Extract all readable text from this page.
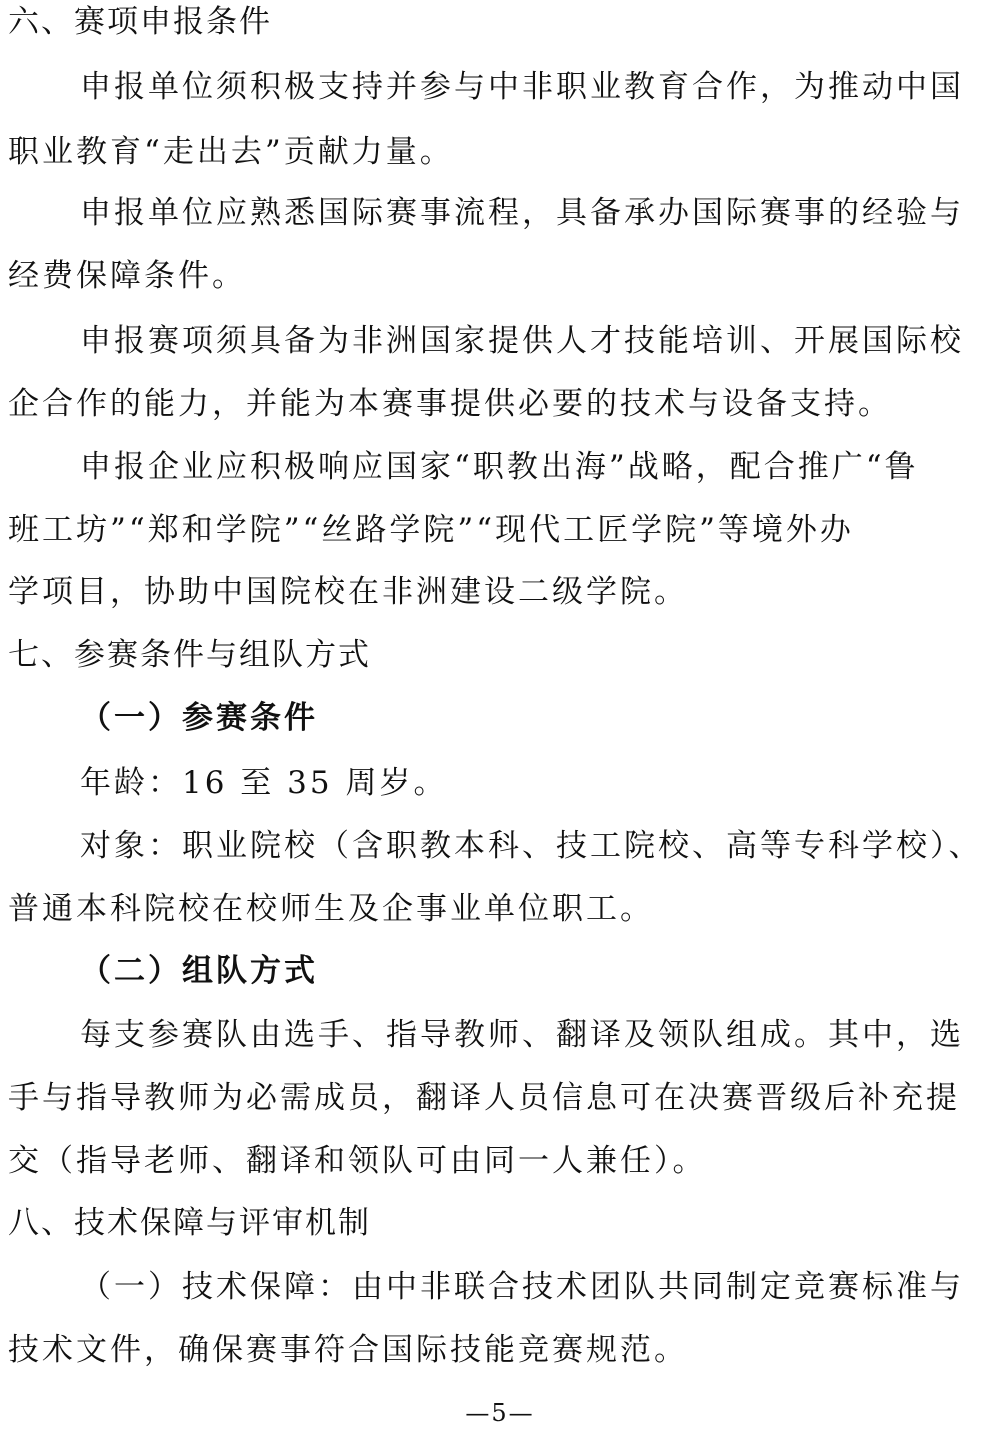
六、赛项申报条件
申报单位须积极支持并参与中非职业教育合作，为推动中国
职业教育“走出去”贡献力量。
申报单位应熟悉国际赛事流程，具备承办国际赛事的经验与
经费保障条件。
申报赛项须具备为非洲国家提供人才技能培训、开展国际校
企合作的能力，并能为本赛事提供必要的技术与设备支持。
申报企业应积极响应国家“职教出海”战略，配合推广“鲁
班工坊”“郑和学院”“丝路学院”“现代工匠学院”等境外办
学项目，协助中国院校在非洲建设二级学院。
七、参赛条件与组队方式
（一）参赛条件
年龄：16 至 35 周岁。
对象：职业院校（含职教本科、技工院校、高等专科学校）、
普通本科院校在校师生及企事业单位职工。
（二）组队方式
每支参赛队由选手、指导教师、翻译及领队组成。其中，选
手与指导教师为必需成员，翻译人员信息可在决赛晋级后补充提
交（指导老师、翻译和领队可由同一人兼任）。
八、技术保障与评审机制
（一）技术保障：由中非联合技术团队共同制定竞赛标准与
技术文件，确保赛事符合国际技能竞赛规范。
—5—
